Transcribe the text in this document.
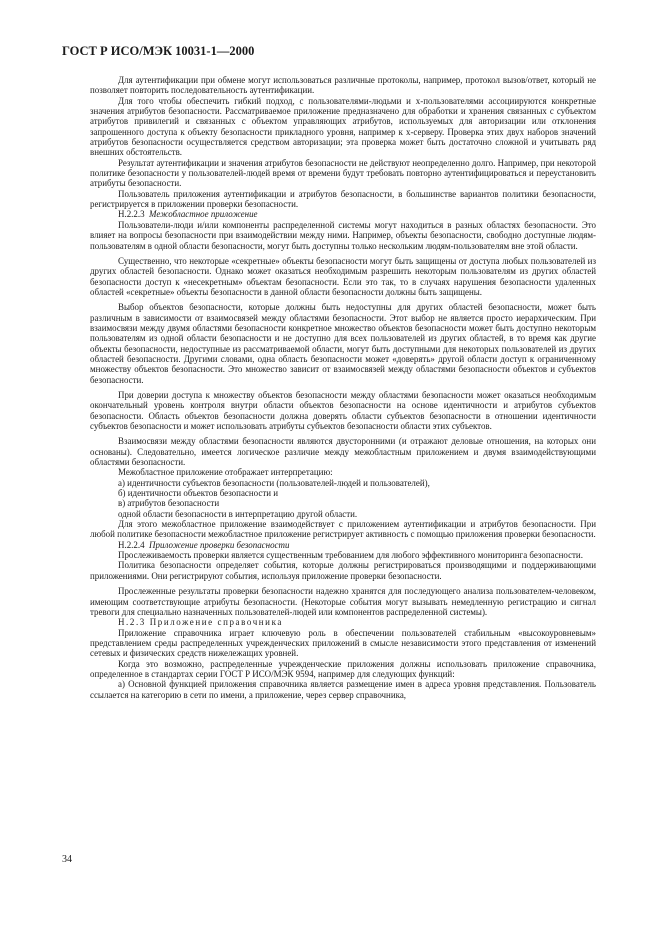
ГОСТ Р ИСО/МЭК 10031-1—2000

Для аутентификации при обмене могут использоваться различные протоколы, например, протокол вызов/ответ, который не позволяет повторить последовательность аутентификации.

Для того чтобы обеспечить гибкий подход, с пользователями-людьми и x-пользователями ассоциируются конкретные значения атрибутов безопасности. Рассматриваемое приложение предназначено для обработки и хранения связанных с субъектом атрибутов привилегий и связанных с объектом управляющих атрибутов, используемых для авторизации или отклонения запрошенного доступа к объекту безопасности прикладного уровня, например к x-серверу. Проверка этих двух наборов значений атрибутов безопасности осуществляется средством авторизации; эта проверка может быть достаточно сложной и учитывать ряд внешних обстоятельств.

Результат аутентификации и значения атрибутов безопасности не действуют неопределенно долго. Например, при некоторой политике безопасности у пользователей-людей время от времени будут требовать повторно аутентифицироваться и переустановить атрибуты безопасности.

Пользователь приложения аутентификации и атрибутов безопасности, в большинстве вариантов политики безопасности, регистрируется в приложении проверки безопасности.

Н.2.2.3 Межобластное приложение

Пользователи-люди и/или компоненты распределенной системы могут находиться в разных областях безопасности. Это влияет на вопросы безопасности при взаимодействии между ними. Например, объекты безопасности, свободно доступные людям-пользователям в одной области безопасности, могут быть доступны только нескольким людям-пользователям вне этой области.

Существенно, что некоторые «секретные» объекты безопасности могут быть защищены от доступа любых пользователей из других областей безопасности. Однако может оказаться необходимым разрешить некоторым пользователям из других областей безопасности доступ к «несекретным» объектам безопасности. Если это так, то в случаях нарушения безопасности удаленных областей «секретные» объекты безопасности в данной области безопасности должны быть защищены.

Выбор объектов безопасности, которые должны быть недоступны для других областей безопасности, может быть различным в зависимости от взаимосвязей между областями безопасности. Этот выбор не является просто иерархическим. При взаимосвязи между двумя областями безопасности конкретное множество объектов безопасности может быть доступно некоторым пользователям из одной области безопасности и не доступно для всех пользователей из других областей, в то время как другие объекты безопасности, недоступные из рассматриваемой области, могут быть доступными для некоторых пользователей из других областей безопасности. Другими словами, одна область безопасности может «доверять» другой области доступ к ограниченному множеству объектов безопасности. Это множество зависит от взаимосвязей между областями безопасности объектов и субъектов безопасности.

При доверии доступа к множеству объектов безопасности между областями безопасности может оказаться необходимым окончательный уровень контроля внутри области объектов безопасности на основе идентичности и атрибутов субъектов безопасности. Область объектов безопасности должна доверять области субъектов безопасности в отношении идентичности субъектов безопасности и может использовать атрибуты субъектов безопасности области этих субъектов.

Взаимосвязи между областями безопасности являются двусторонними (и отражают деловые отношения, на которых они основаны). Следовательно, имеется логическое различие между межобластным приложением и двумя взаимодействующими областями безопасности.

Межобластное приложение отображает интерпретацию:

а) идентичности субъектов безопасности (пользователей-людей и пользователей),

б) идентичности объектов безопасности и

в) атрибутов безопасности

одной области безопасности в интерпретацию другой области.

Для этого межобластное приложение взаимодействует с приложением аутентификации и атрибутов безопасности. При любой политике безопасности межобластное приложение регистрирует активность с помощью приложения проверки безопасности.

Н.2.2.4 Приложение проверки безопасности

Прослеживаемость проверки является существенным требованием для любого эффективного мониторинга безопасности.

Политика безопасности определяет события, которые должны регистрироваться производящими и поддерживающими приложениями. Они регистрируют события, используя приложение проверки безопасности.

Прослеженные результаты проверки безопасности надежно хранятся для последующего анализа пользователем-человеком, имеющим соответствующие атрибуты безопасности. (Некоторые события могут вызывать немедленную регистрацию и сигнал тревоги для специально назначенных пользователей-людей или компонентов распределенной системы).

Н.2.3 Приложение справочника

Приложение справочника играет ключевую роль в обеспечении пользователей стабильным «высокоуровневым» представлением среды распределенных учрежденческих приложений в смысле независимости этого представления от изменений сетевых и физических средств нижележащих уровней.

Когда это возможно, распределенные учрежденческие приложения должны использовать приложение справочника, определенное в стандартах серии ГОСТ Р ИСО/МЭК 9594, например для следующих функций:

а) Основной функцией приложения справочника является размещение имен в адреса уровня представления. Пользователь ссылается на категорию в сети по имени, а приложение, через сервер справочника,

34
